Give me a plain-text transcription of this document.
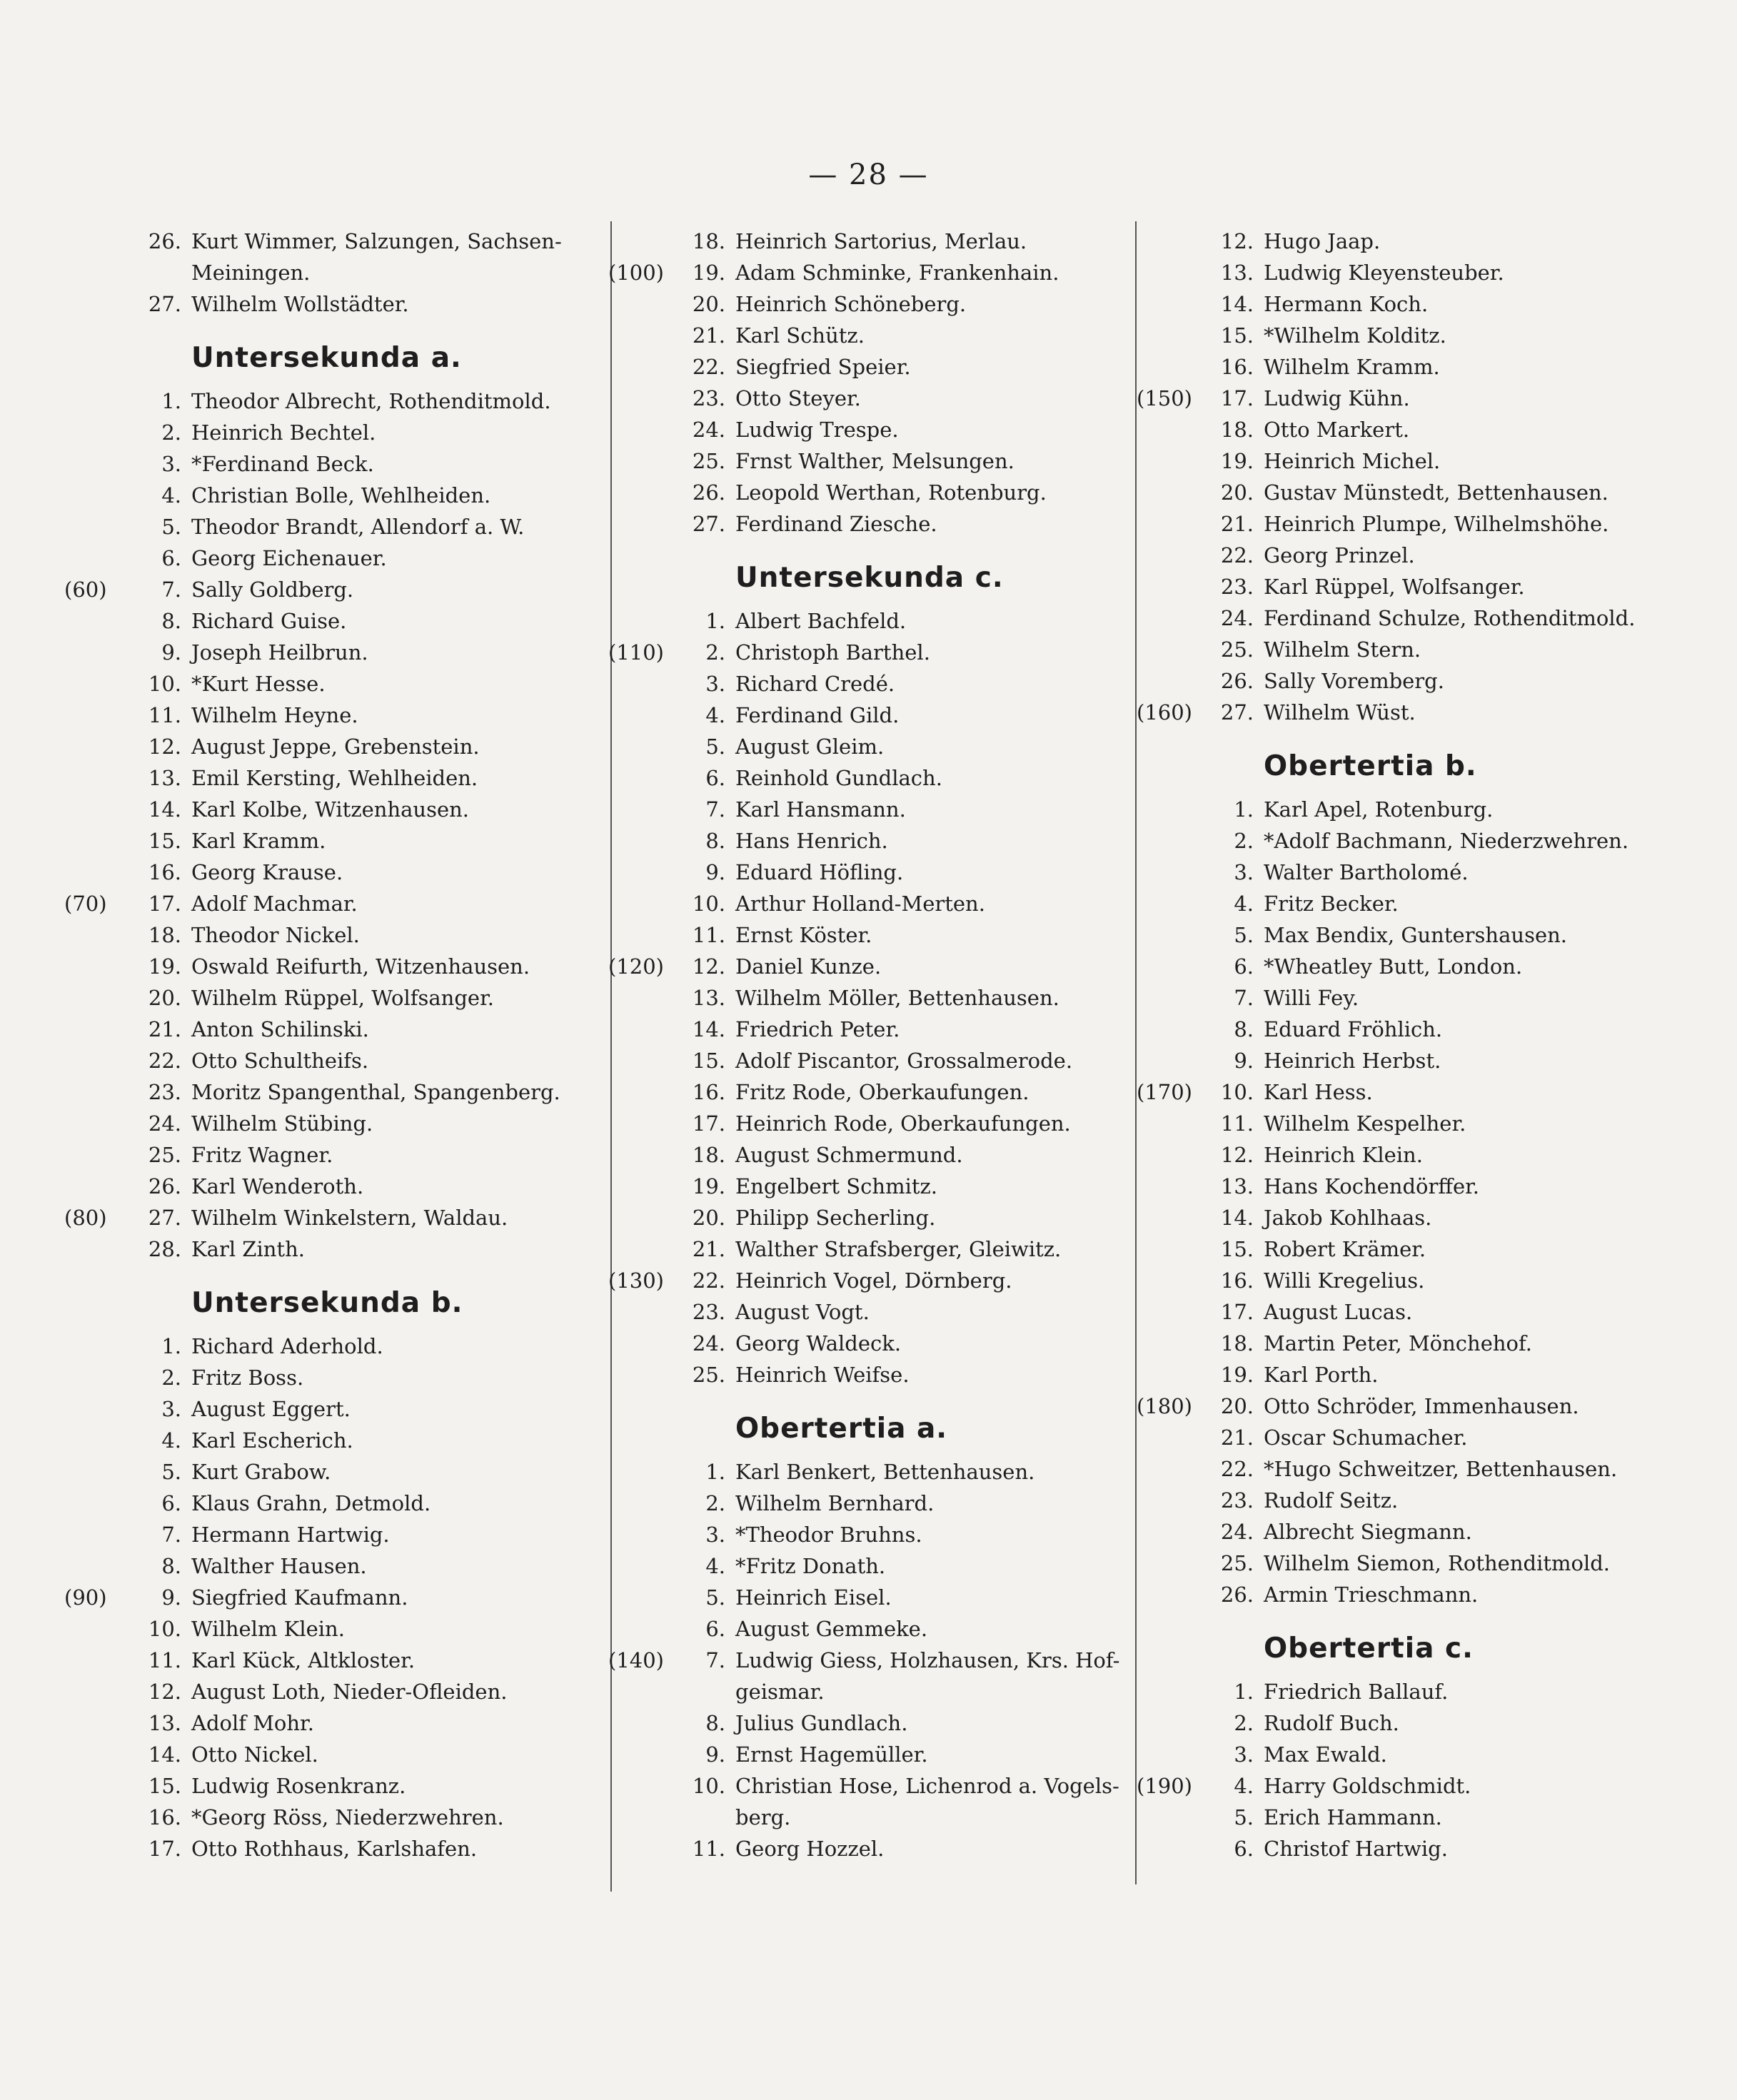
— 28 —
26. Kurt Wimmer, Salzungen, Sachsen-
Meiningen.
27. Wilhelm Wollstädter.
Untersekunda a.
1. Theodor Albrecht, Rothenditmold.
2. Heinrich Bechtel.
3. *Ferdinand Beck.
4. Christian Bolle, Wehlheiden.
5. Theodor Brandt, Allendorf a. W.
6. Georg Eichenauer.
(60)	7. Sally Goldberg.
8. Richard Guise.
9. Joseph Heilbrun.
10. *Kurt Hesse.
11. Wilhelm Heyne.
12. August Jeppe, Grebenstein.
13. Emil Kersting, Wehlheiden.
14. Karl Kolbe, Witzenhausen.
15. Karl Kramm.
16. Georg Krause.
(70)	17. Adolf Machmar.
18. Theodor Nickel.
19. Oswald Reifurth, Witzenhausen.
20. Wilhelm Rüppel, Wolfsanger.
21. Anton Schilinski.
22. Otto Schultheifs.
23. Moritz Spangenthal, Spangenberg.
24. Wilhelm Stübing.
25. Fritz Wagner.
26. Karl Wenderoth.
(80)	27. Wilhelm Winkelstern, Waldau.
28. Karl Zinth.
Untersekunda b.
1. Richard Aderhold.
2. Fritz Boss.
3. August Eggert.
4. Karl Escherich.
5. Kurt Grabow.
6. Klaus Grahn, Detmold.
7. Hermann Hartwig.
8. Walther Hausen.
(90)	9. Siegfried Kaufmann.
10. Wilhelm Klein.
11. Karl Kück, Altkloster.
12. August Loth, Nieder-Ofleiden.
13. Adolf Mohr.
14. Otto Nickel.
15. Ludwig Rosenkranz.
16. *Georg Röss, Niederzwehren.
17. Otto Rothhaus, Karlshafen.
18. Heinrich Sartorius, Merlau.
(100)	19. Adam Schminke, Frankenhain.
20. Heinrich Schöneberg.
21. Karl Schütz.
22. Siegfried Speier.
23. Otto Steyer.
24. Ludwig Trespe.
25. Frnst Walther, Melsungen.
26. Leopold Werthan, Rotenburg.
27. Ferdinand Ziesche.
Untersekunda c.
1. Albert Bachfeld.
(110)	2. Christoph Barthel.
3. Richard Credé.
4. Ferdinand Gild.
5. August Gleim.
6. Reinhold Gundlach.
7. Karl Hansmann.
8. Hans Henrich.
9. Eduard Höfling.
10. Arthur Holland-Merten.
11. Ernst Köster.
(120)	12. Daniel Kunze.
13. Wilhelm Möller, Bettenhausen.
14. Friedrich Peter.
15. Adolf Piscantor, Grossalmerode.
16. Fritz Rode, Oberkaufungen.
17. Heinrich Rode, Oberkaufungen.
18. August Schmermund.
19. Engelbert Schmitz.
20. Philipp Secherling.
21. Walther Strafsberger, Gleiwitz.
(130)	22. Heinrich Vogel, Dörnberg.
23. August Vogt.
24. Georg Waldeck.
25. Heinrich Weifse.
Obertertia a.
1. Karl Benkert, Bettenhausen.
2. Wilhelm Bernhard.
3. *Theodor Bruhns.
4. *Fritz Donath.
5. Heinrich Eisel.
6. August Gemmeke.
(140)	7. Ludwig Giess, Holzhausen, Krs. Hof-
geismar.
8. Julius Gundlach.
9. Ernst Hagemüller.
10. Christian Hose, Lichenrod a. Vogels-
berg.
11. Georg Hozzel.
12. Hugo Jaap.
13. Ludwig Kleyensteuber.
14. Hermann Koch.
15. *Wilhelm Kolditz.
16. Wilhelm Kramm.
(150)	17. Ludwig Kühn.
18. Otto Markert.
19. Heinrich Michel.
20. Gustav Münstedt, Bettenhausen.
21. Heinrich Plumpe, Wilhelmshöhe.
22. Georg Prinzel.
23. Karl Rüppel, Wolfsanger.
24. Ferdinand Schulze, Rothenditmold.
25. Wilhelm Stern.
26. Sally Voremberg.
(160)	27. Wilhelm Wüst.
Obertertia b.
1. Karl Apel, Rotenburg.
2. *Adolf Bachmann, Niederzwehren.
3. Walter Bartholomé.
4. Fritz Becker.
5. Max Bendix, Guntershausen.
6. *Wheatley Butt, London.
7. Willi Fey.
8. Eduard Fröhlich.
9. Heinrich Herbst.
(170)	10. Karl Hess.
11. Wilhelm Kespelher.
12. Heinrich Klein.
13. Hans Kochendörffer.
14. Jakob Kohlhaas.
15. Robert Krämer.
16. Willi Kregelius.
17. August Lucas.
18. Martin Peter, Mönchehof.
19. Karl Porth.
(180)	20. Otto Schröder, Immenhausen.
21. Oscar Schumacher.
22. *Hugo Schweitzer, Bettenhausen.
23. Rudolf Seitz.
24. Albrecht Siegmann.
25. Wilhelm Siemon, Rothenditmold.
26. Armin Trieschmann.
Obertertia c.
1. Friedrich Ballauf.
2. Rudolf Buch.
3. Max Ewald.
(190)	4. Harry Goldschmidt.
5. Erich Hammann.
6. Christof Hartwig.
